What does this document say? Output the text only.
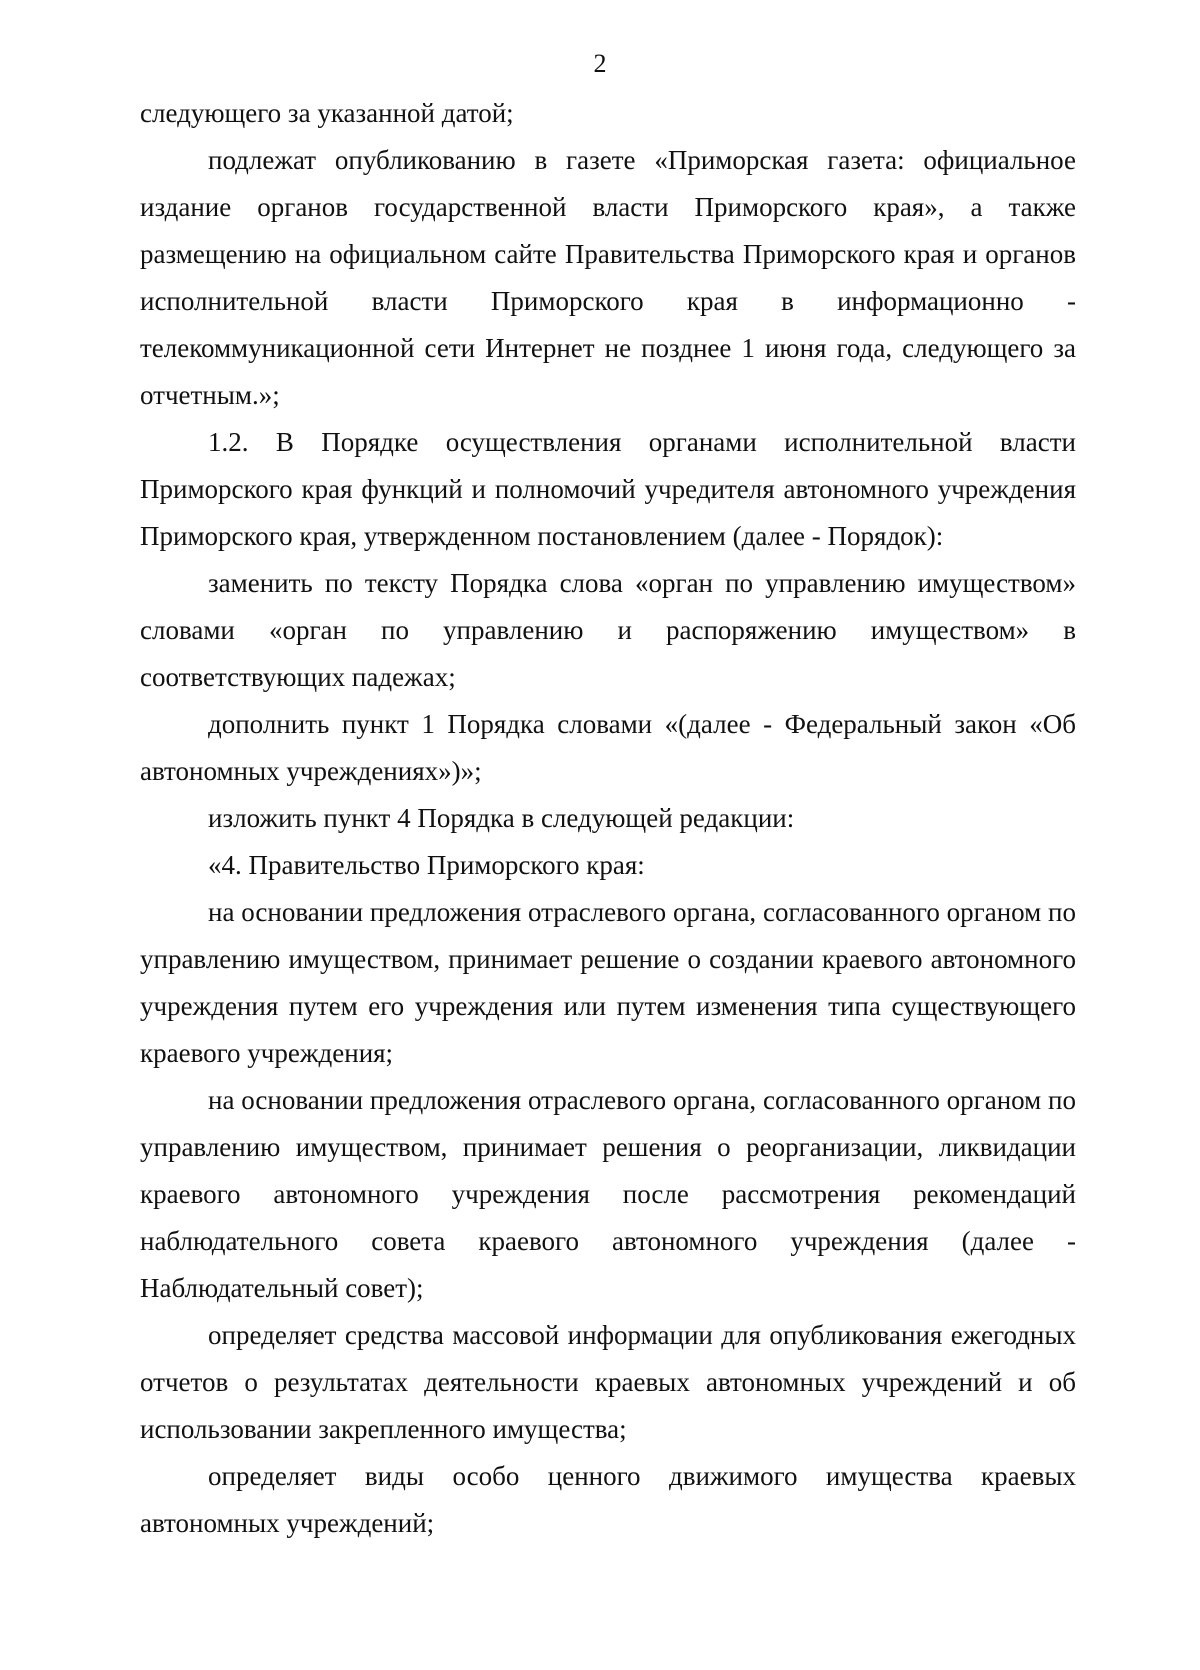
2

следующего за указанной датой;

подлежат опубликованию в газете «Приморская газета: официальное издание органов государственной власти Приморского края», а также размещению на официальном сайте Правительства Приморского края и органов исполнительной власти Приморского края в информационно - телекоммуникационной сети Интернет не позднее 1 июня года, следующего за отчетным.»;

1.2. В Порядке осуществления органами исполнительной власти Приморского края функций и полномочий учредителя автономного учреждения Приморского края, утвержденном постановлением (далее - Порядок):

заменить по тексту Порядка слова «орган по управлению имуществом» словами «орган по управлению и распоряжению имуществом» в соответствующих падежах;

дополнить пункт 1 Порядка словами «(далее - Федеральный закон «Об автономных учреждениях»)»;

изложить пункт 4 Порядка в следующей редакции:

«4. Правительство Приморского края:

на основании предложения отраслевого органа, согласованного органом по управлению имуществом, принимает решение о создании краевого автономного учреждения путем его учреждения или путем изменения типа существующего краевого учреждения;

на основании предложения отраслевого органа, согласованного органом по управлению имуществом, принимает решения о реорганизации, ликвидации краевого автономного учреждения после рассмотрения рекомендаций наблюдательного совета краевого автономного учреждения (далее - Наблюдательный совет);

определяет средства массовой информации для опубликования ежегодных отчетов о результатах деятельности краевых автономных учреждений и об использовании закрепленного имущества;

определяет виды особо ценного движимого имущества краевых автономных учреждений;
